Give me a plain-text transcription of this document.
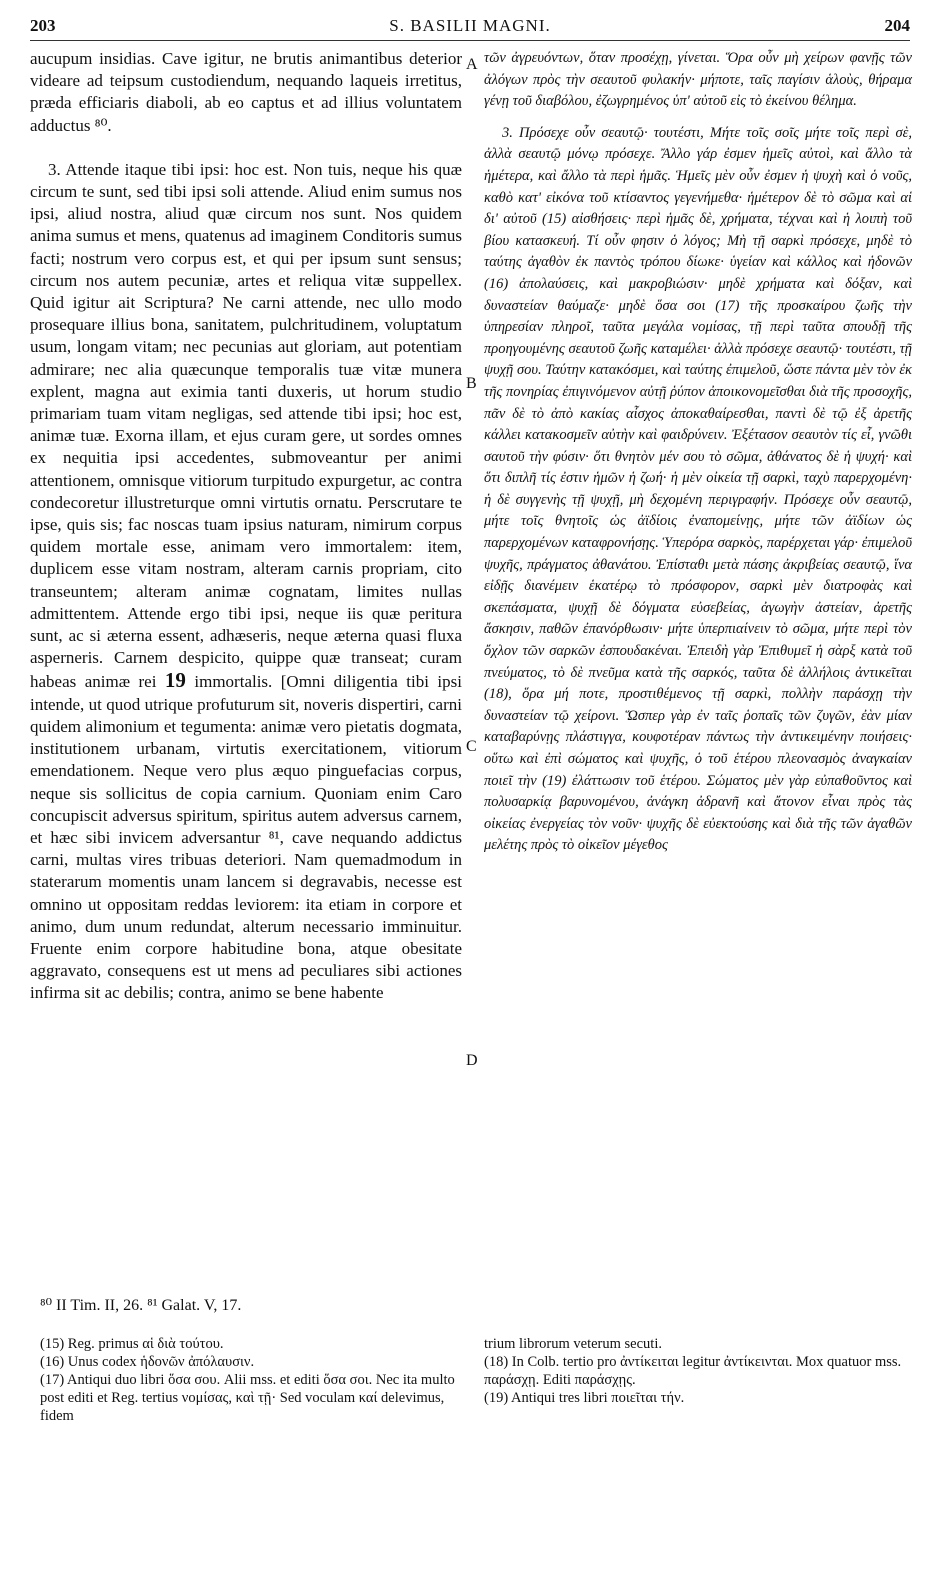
203	S. BASILII MAGNI.	204

aucupum insidias. Cave igitur, ne brutis animantibus deterior videare ad teipsum custodiendum, nequando laqueis irretitus, præda efficiaris diaboli, ab eo captus et ad illius voluntatem adductus ⁸⁰.

3. Attende itaque tibi ipsi: hoc est. Non tuis, neque his quæ circum te sunt, sed tibi ipsi soli attende. Aliud enim sumus nos ipsi, aliud nostra, aliud quæ circum nos sunt. Nos quidem anima sumus et mens, quatenus ad imaginem Conditoris sumus facti; nostrum vero corpus est, et qui per ipsum sunt sensus; circum nos autem pecuniæ, artes et reliqua vitæ suppellex. Quid igitur ait Scriptura? Ne carni attende, nec ullo modo prosequare illius bona, sanitatem, pulchritudinem, voluptatum usum, longam vitam; nec pecunias aut gloriam, aut potentiam admirare; nec alia quæcunque temporalis tuæ vitæ munera explent, magna aut eximia tanti duxeris, ut horum studio primariam tuam vitam negligas, sed attende tibi ipsi; hoc est, animæ tuæ. Exorna illam, et ejus curam gere, ut sordes omnes ex nequitia ipsi accedentes, submoveantur per animi attentionem, omnisque vitiorum turpitudo expurgetur, ac contra condecoretur illustreturque omni virtutis ornatu. Perscrutare te ipse, quis sis; fac noscas tuam ipsius naturam, nimirum corpus quidem mortale esse, animam vero immortalem: item, duplicem esse vitam nostram, alteram carnis propriam, cito transeuntem; alteram animæ cognatam, limites nullas admittentem. Attende ergo tibi ipsi, neque iis quæ peritura sunt, ac si æterna essent, adhæseris, neque æterna quasi fluxa asperneris. Carnem despicito, quippe quæ transeat; curam habeas animæ rei 19 immortalis. [Omni diligentia tibi ipsi intende, ut quod utrique profuturum sit, noveris dispertiri, carni quidem alimonium et tegumenta: animæ vero pietatis dogmata, institutionem urbanam, virtutis exercitationem, vitiorum emendationem. Neque vero plus æquo pinguefacias corpus, neque sis sollicitus de copia carnium. Quoniam enim Caro concupiscit adversus spiritum, spiritus autem adversus carnem, et hæc sibi invicem adversantur ⁸¹, cave nequando addictus carni, multas vires tribuas deteriori. Nam quemadmodum in staterarum momentis unam lancem si degravabis, necesse est omnino ut oppositam reddas leviorem: ita etiam in corpore et animo, dum unum redundat, alterum necessario imminuitur. Fruente enim corpore habitudine bona, atque obesitate aggravato, consequens est ut mens ad peculiares sibi actiones infirma sit ac debilis; contra, animo se bene habente

A
B
C
D

τῶν ἀγρευόντων, ὅταν προσέχῃ, γίνεται. Ὅρα οὖν μὴ χείρων φανῇς τῶν ἀλόγων πρὸς τὴν σεαυτοῦ φυλακήν· μήποτε, ταῖς παγίσιν ἁλοὺς, θήραμα γένῃ τοῦ διαβόλου, ἐζωγρημένος ὑπ' αὐτοῦ εἰς τὸ ἐκείνου θέλημα.

3. Πρόσεχε οὖν σεαυτῷ· τουτέστι, Μήτε τοῖς σοῖς μήτε τοῖς περὶ σὲ, ἀλλὰ σεαυτῷ μόνῳ πρόσεχε. Ἄλλο γάρ ἐσμεν ἡμεῖς αὐτοὶ, καὶ ἄλλο τὰ ἡμέτερα, καὶ ἄλλο τὰ περὶ ἡμᾶς. Ἡμεῖς μὲν οὖν ἐσμεν ἡ ψυχὴ καὶ ὁ νοῦς, καθὸ κατ' εἰκόνα τοῦ κτίσαντος γεγενήμεθα· ἡμέτερον δὲ τὸ σῶμα καὶ αἱ δι' αὐτοῦ (15) αἰσθήσεις· περὶ ἡμᾶς δὲ, χρήματα, τέχναι καὶ ἡ λοιπὴ τοῦ βίου κατασκευή. Τί οὖν φησιν ὁ λόγος; Μὴ τῇ σαρκὶ πρόσεχε, μηδὲ τὸ ταύτης ἀγαθὸν ἐκ παντὸς τρόπου δίωκε· ὑγείαν καὶ κάλλος καὶ ἡδονῶν (16) ἀπολαύσεις, καὶ μακροβιώσιν· μηδὲ χρήματα καὶ δόξαν, καὶ δυναστείαν θαύμαζε· μηδὲ ὅσα σοι (17) τῆς προσκαίρου ζωῆς τὴν ὑπηρεσίαν πληροῖ, ταῦτα μεγάλα νομίσας, τῇ περὶ ταῦτα σπουδῇ τῆς προηγουμένης σεαυτοῦ ζωῆς καταμέλει· ἀλλὰ πρόσεχε σεαυτῷ· τουτέστι, τῇ ψυχῇ σου. Ταύτην κατακόσμει, καὶ ταύτης ἐπιμελοῦ, ὥστε πάντα μὲν τὸν ἐκ τῆς πονηρίας ἐπιγινόμενον αὐτῇ ῥύπον ἀποικονομεῖσθαι διὰ τῆς προσοχῆς, πᾶν δὲ τὸ ἀπὸ κακίας αἶσχος ἀποκαθαίρεσθαι, παντὶ δὲ τῷ ἐξ ἀρετῆς κάλλει κατακοσμεῖν αὐτὴν καὶ φαιδρύνειν. Ἐξέτασον σεαυτὸν τίς εἶ, γνῶθι σαυτοῦ τὴν φύσιν· ὅτι θνητὸν μέν σου τὸ σῶμα, ἀθάνατος δὲ ἡ ψυχή· καὶ ὅτι διπλῆ τίς ἐστιν ἡμῶν ἡ ζωή· ἡ μὲν οἰκεία τῇ σαρκὶ, ταχὺ παρερχομένη· ἡ δὲ συγγενὴς τῇ ψυχῇ, μὴ δεχομένη περιγραφήν. Πρόσεχε οὖν σεαυτῷ, μήτε τοῖς θνητοῖς ὡς ἀϊδίοις ἐναπομείνῃς, μήτε τῶν ἀϊδίων ὡς παρερχομένων καταφρονήσῃς. Ὑπερόρα σαρκὸς, παρέρχεται γάρ· ἐπιμελοῦ ψυχῆς, πράγματος ἀθανάτου. Ἐπίσταθι μετὰ πάσης ἀκριβείας σεαυτῷ, ἵνα εἰδῇς διανέμειν ἑκατέρῳ τὸ πρόσφορον, σαρκὶ μὲν διατροφὰς καὶ σκεπάσματα, ψυχῇ δὲ δόγματα εὐσεβείας, ἀγωγὴν ἀστείαν, ἀρετῆς ἄσκησιν, παθῶν ἐπανόρθωσιν· μήτε ὑπερπιαίνειν τὸ σῶμα, μήτε περὶ τὸν ὄχλον τῶν σαρκῶν ἐσπουδακέναι. Ἐπειδὴ γὰρ Ἐπιθυμεῖ ἡ σὰρξ κατὰ τοῦ πνεύματος, τὸ δὲ πνεῦμα κατὰ τῆς σαρκός, ταῦτα δὲ ἀλλήλοις ἀντικεῖται (18), ὅρα μή ποτε, προστιθέμενος τῇ σαρκὶ, πολλὴν παράσχῃ τὴν δυναστείαν τῷ χείρονι. Ὥσπερ γὰρ ἐν ταῖς ῥοπαῖς τῶν ζυγῶν, ἐὰν μίαν καταβαρύνῃς πλάστιγγα, κουφοτέραν πάντως τὴν ἀντικειμένην ποιήσεις· οὕτω καὶ ἐπὶ σώματος καὶ ψυχῆς, ὁ τοῦ ἑτέρου πλεονασμὸς ἀναγκαίαν ποιεῖ τὴν (19) ἐλάττωσιν τοῦ ἑτέρου. Σώματος μὲν γὰρ εὐπαθοῦντος καὶ πολυσαρκίᾳ βαρυνομένου, ἀνάγκη ἀδρανῆ καὶ ἄτονον εἶναι πρὸς τὰς οἰκείας ἐνεργείας τὸν νοῦν· ψυχῆς δὲ εὐεκτούσης καὶ διὰ τῆς τῶν ἀγαθῶν μελέτης πρὸς τὸ οἰκεῖον μέγεθος

⁸⁰ II Tim. II, 26. ⁸¹ Galat. V, 17.

(15) Reg. primus αἱ διὰ τούτου.

(16) Unus codex ἡδονῶν ἀπόλαυσιν.

(17) Antiqui duo libri ὅσα σου. Alii mss. et editi ὅσα σοι. Nec ita multo post editi et Reg. tertius νομίσας, καὶ τῇ· Sed voculam καί delevimus, fidem

trium librorum veterum secuti.

(18) In Colb. tertio pro ἀντίκειται legitur ἀντίκεινται. Mox quatuor mss. παράσχῃ. Editi παράσχῃς.

(19) Antiqui tres libri ποιεῖται τήν.
